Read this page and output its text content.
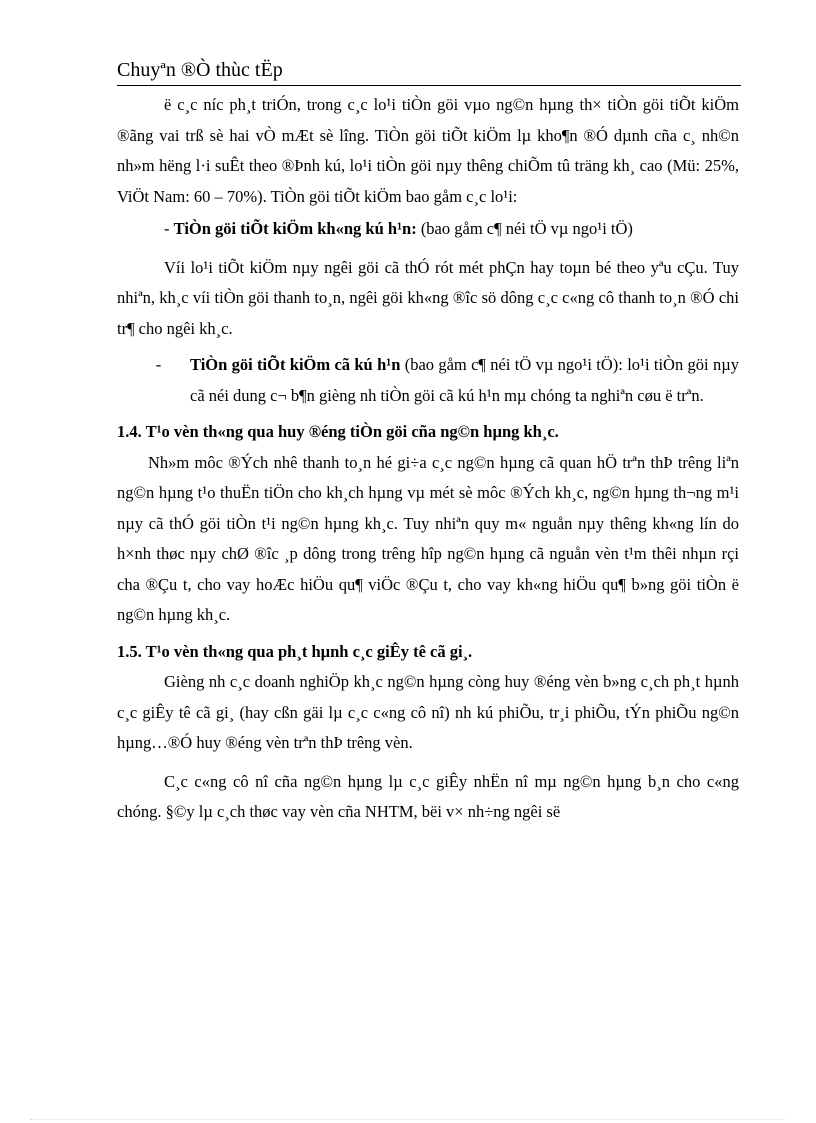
Chuyªn ®Ò thùc tËp

ë c¸c níc ph¸t triÓn, trong c¸c lo¹i tiÒn göi vµo ng©n hµng th× tiÒn göi tiÕt kiÖm ®ãng vai trß sè hai vÒ mÆt sè lîng. TiÒn göi tiÕt kiÖm lµ kho¶n ®Ó dµnh cña c¸ nh©n nh»m hëng l·i suÊt theo ®Þnh kú, lo¹i tiÒn göi nµy thêng chiÕm tû träng kh¸ cao (Mü: 25%, ViÖt Nam: 60 – 70%). TiÒn göi tiÕt kiÖm bao gåm c¸c lo¹i:

- TiÒn göi tiÕt kiÖm kh«ng kú h¹n: (bao gåm c¶ néi tÖ vµ ngo¹i tÖ)

Víi lo¹i tiÕt kiÖm nµy ngêi göi cã thÓ rót mét phÇn hay toµn bé theo yªu cÇu. Tuy nhiªn, kh¸c víi tiÒn göi thanh to¸n, ngêi göi kh«ng ®îc sö dông c¸c c«ng cô thanh to¸n ®Ó chi tr¶ cho ngêi kh¸c.

-	TiÒn göi tiÕt kiÖm cã kú h¹n (bao gåm c¶ néi tÖ vµ ngo¹i tÖ): lo¹i tiÒn göi nµy cã néi dung c¬ b¶n gièng nh tiÒn göi cã kú h¹n mµ chóng ta nghiªn cøu ë trªn.

1.4. T¹o vèn th«ng qua huy ®éng tiÒn göi cña ng©n hµng kh¸c.

Nh»m môc ®Ých nhê thanh to¸n hé gi÷a c¸c ng©n hµng cã quan hÖ trªn thÞ trêng liªn ng©n hµng t¹o thuËn tiÖn cho kh¸ch hµng vµ mét sè môc ®Ých kh¸c, ng©n hµng th¬ng m¹i nµy cã thÓ göi tiÒn t¹i ng©n hµng kh¸c. Tuy nhiªn quy m« nguån nµy thêng kh«ng lín do h×nh thøc nµy chØ ®îc ¸p dông trong trêng hîp ng©n hµng cã nguån vèn t¹m thêi nhµn rçi cha ®Çu t, cho vay hoÆc hiÖu qu¶ viÖc ®Çu t, cho vay kh«ng hiÖu qu¶ b»ng göi tiÒn ë ng©n hµng kh¸c.

1.5. T¹o vèn th«ng qua ph¸t hµnh c¸c giÊy tê cã gi¸.

Gièng nh c¸c doanh nghiÖp kh¸c ng©n hµng còng huy ®éng vèn b»ng c¸ch ph¸t hµnh c¸c giÊy tê cã gi¸ (hay cßn gäi lµ c¸c c«ng cô nî) nh kú phiÕu, tr¸i phiÕu, tÝn phiÕu ng©n hµng…®Ó huy ®éng vèn trªn thÞ trêng vèn.

C¸c c«ng cô nî cña ng©n hµng lµ c¸c giÊy nhËn nî mµ ng©n hµng b¸n cho c«ng chóng. §©y lµ c¸ch thøc vay vèn cña NHTM, bëi v× nh÷ng ngêi së
